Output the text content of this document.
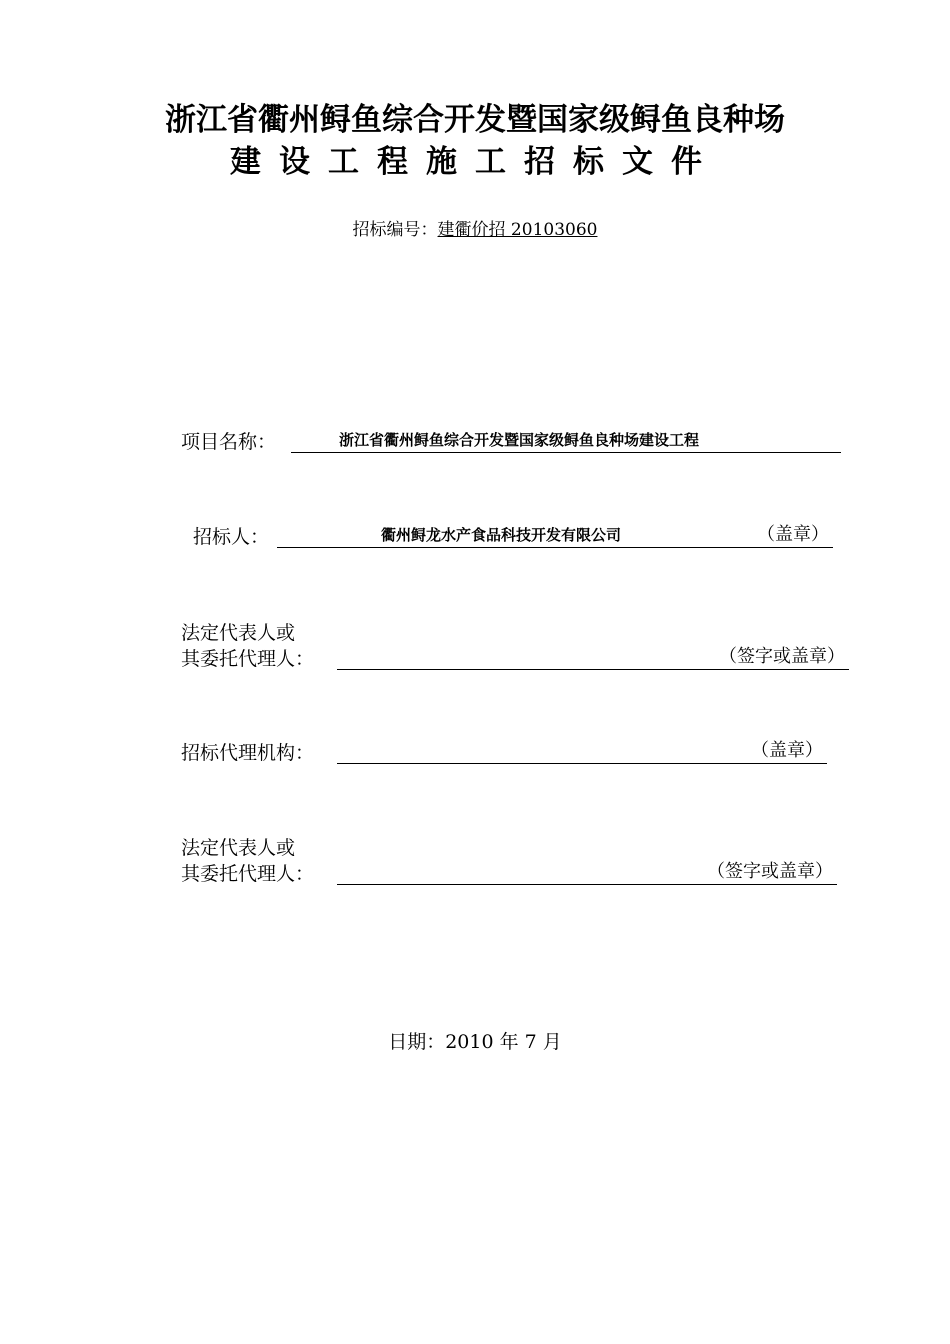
浙江省衢州鲟鱼综合开发暨国家级鲟鱼良种场
建设工程施工招标文件
招标编号：建衢价招 20103060
项目名称：	浙江省衢州鲟鱼综合开发暨国家级鲟鱼良种场建设工程
招标人：	衢州鲟龙水产食品科技开发有限公司	（盖章）
法定代表人或
其委托代理人：	（签字或盖章）
招标代理机构：	（盖章）
法定代表人或
其委托代理人：	（签字或盖章）
日期：2010 年 7 月
